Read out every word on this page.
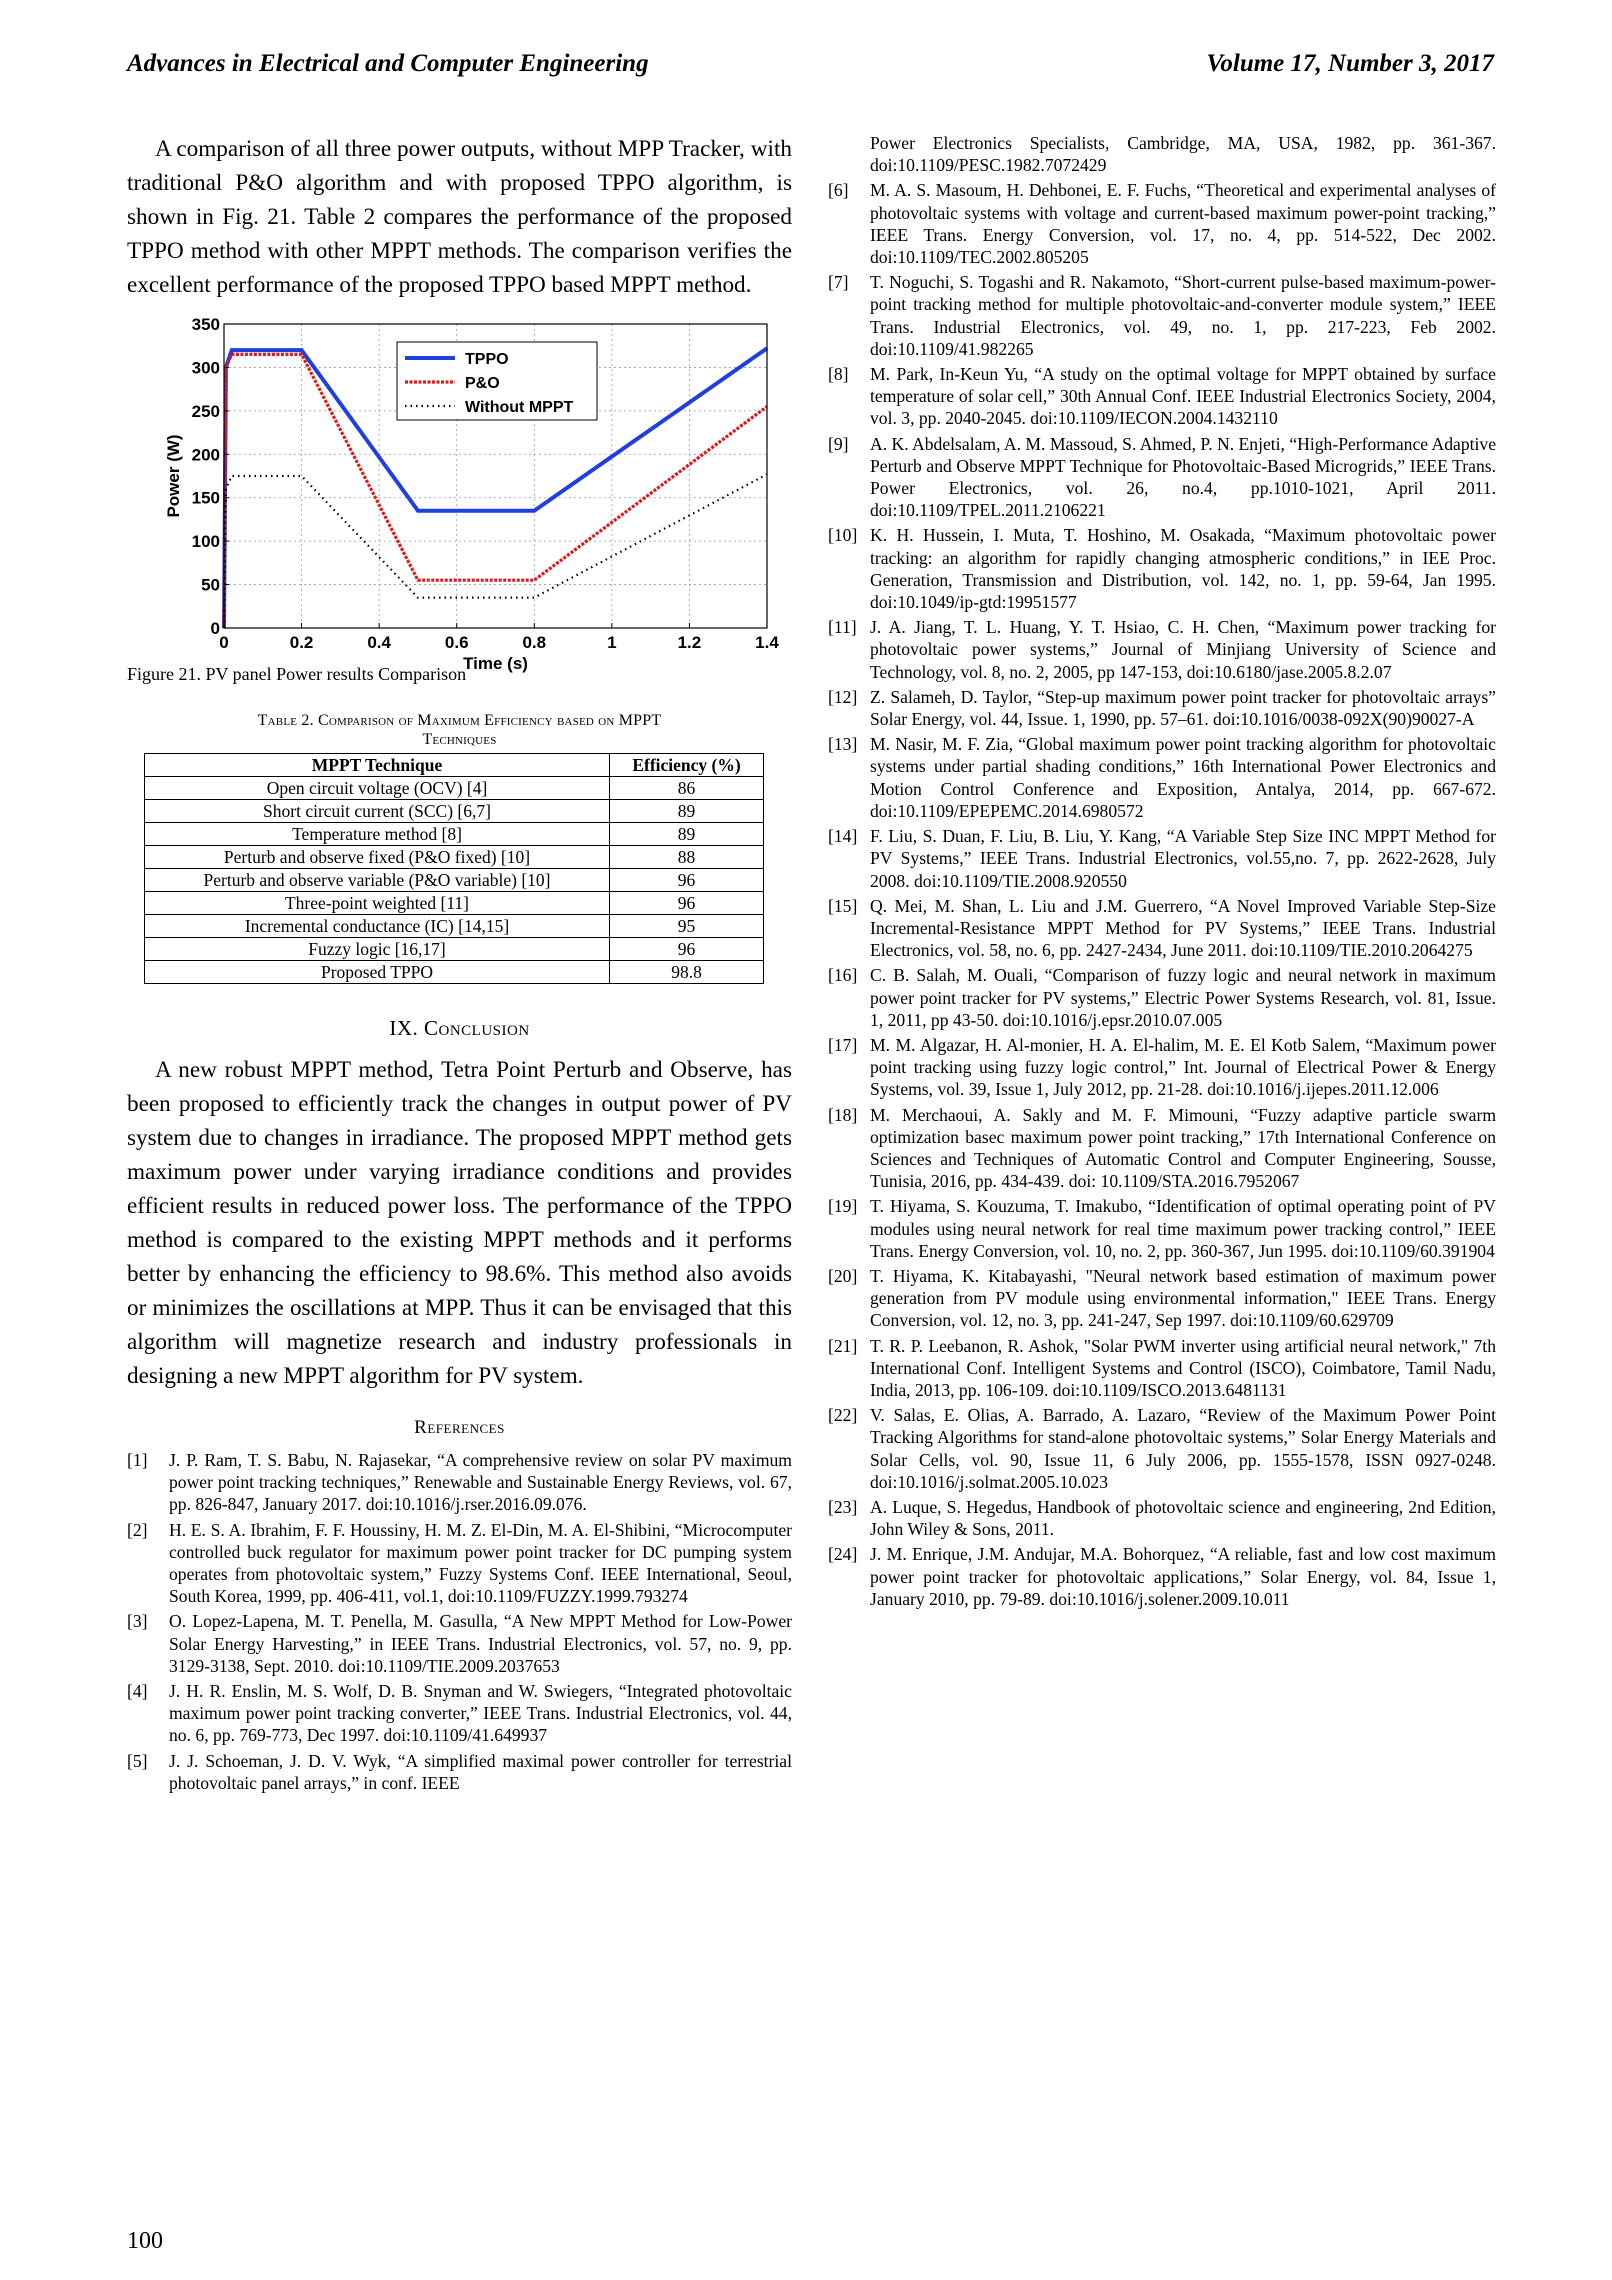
Advances in Electrical and Computer Engineering	Volume 17, Number 3, 2017

A comparison of all three power outputs, without MPP Tracker, with traditional P&O algorithm and with proposed TPPO algorithm, is shown in Fig. 21. Table 2 compares the performance of the proposed TPPO method with other MPPT methods. The comparison verifies the excellent performance of the proposed TPPO based MPPT method.

0	0.2	0.4	0.6	0.8	1	1.2	1.4
0
50
100
150
200
250
300
350
Time (s)
Power (W)
TPPO
P&O
Without MPPT

Figure 21. PV panel Power results Comparison

Table 2. Comparison of Maximum Efficiency based on MPPT
Techniques
MPPT Technique	Efficiency (%)
Open circuit voltage (OCV) [4]	86
Short circuit current (SCC) [6,7]	89
Temperature method [8]	89
Perturb and observe fixed (P&O fixed) [10]	88
Perturb and observe variable (P&O variable) [10]	96
Three-point weighted [11]	96
Incremental conductance (IC) [14,15]	95
Fuzzy logic [16,17]	96
Proposed TPPO	98.8
IX. Conclusion

A new robust MPPT method, Tetra Point Perturb and Observe, has been proposed to efficiently track the changes in output power of PV system due to changes in irradiance. The proposed MPPT method gets maximum power under varying irradiance conditions and provides efficient results in reduced power loss. The performance of the TPPO method is compared to the existing MPPT methods and it performs better by enhancing the efficiency to 98.6%. This method also avoids or minimizes the oscillations at MPP. Thus it can be envisaged that this algorithm will magnetize research and industry professionals in designing a new MPPT algorithm for PV system.

References
[1]	J. P. Ram, T. S. Babu, N. Rajasekar, “A comprehensive review on solar PV maximum power point tracking techniques,” Renewable and Sustainable Energy Reviews, vol. 67, pp. 826-847, January 2017. doi:10.1016/j.rser.2016.09.076.
[2]	H. E. S. A. Ibrahim, F. F. Houssiny, H. M. Z. El-Din, M. A. El-Shibini, “Microcomputer controlled buck regulator for maximum power point tracker for DC pumping system operates from photovoltaic system,” Fuzzy Systems Conf. IEEE International, Seoul, South Korea, 1999, pp. 406-411, vol.1, doi:10.1109/FUZZY.1999.793274
[3]	O. Lopez-Lapena, M. T. Penella, M. Gasulla, “A New MPPT Method for Low-Power Solar Energy Harvesting,” in IEEE Trans. Industrial Electronics, vol. 57, no. 9, pp. 3129-3138, Sept. 2010. doi:10.1109/TIE.2009.2037653
[4]	J. H. R. Enslin, M. S. Wolf, D. B. Snyman and W. Swiegers, “Integrated photovoltaic maximum power point tracking converter,” IEEE Trans. Industrial Electronics, vol. 44, no. 6, pp. 769-773, Dec 1997. doi:10.1109/41.649937
[5]	J. J. Schoeman, J. D. V. Wyk, “A simplified maximal power controller for terrestrial photovoltaic panel arrays,” in conf. IEEE
Power Electronics Specialists, Cambridge, MA, USA, 1982, pp. 361-367. doi:10.1109/PESC.1982.7072429
[6]	M. A. S. Masoum, H. Dehbonei, E. F. Fuchs, “Theoretical and experimental analyses of photovoltaic systems with voltage and current-based maximum power-point tracking,” IEEE Trans. Energy Conversion, vol. 17, no. 4, pp. 514-522, Dec 2002. doi:10.1109/TEC.2002.805205
[7]	T. Noguchi, S. Togashi and R. Nakamoto, “Short-current pulse-based maximum-power-point tracking method for multiple photovoltaic-and-converter module system,” IEEE Trans. Industrial Electronics, vol. 49, no. 1, pp. 217-223, Feb 2002. doi:10.1109/41.982265
[8]	M. Park, In-Keun Yu, “A study on the optimal voltage for MPPT obtained by surface temperature of solar cell,” 30th Annual Conf. IEEE Industrial Electronics Society, 2004, vol. 3, pp. 2040-2045. doi:10.1109/IECON.2004.1432110
[9]	A. K. Abdelsalam, A. M. Massoud, S. Ahmed, P. N. Enjeti, “High-Performance Adaptive Perturb and Observe MPPT Technique for Photovoltaic-Based Microgrids,” IEEE Trans. Power Electronics, vol. 26, no.4, pp.1010-1021, April 2011. doi:10.1109/TPEL.2011.2106221
[10] K. H. Hussein, I. Muta, T. Hoshino, M. Osakada, “Maximum photovoltaic power tracking: an algorithm for rapidly changing atmospheric conditions,” in IEE Proc. Generation, Transmission and Distribution, vol. 142, no. 1, pp. 59-64, Jan 1995. doi:10.1049/ip-gtd:19951577
[11] J. A. Jiang, T. L. Huang, Y. T. Hsiao, C. H. Chen, “Maximum power tracking for photovoltaic power systems,” Journal of Minjiang University of Science and Technology, vol. 8, no. 2, 2005, pp 147-153, doi:10.6180/jase.2005.8.2.07
[12] Z. Salameh, D. Taylor, “Step-up maximum power point tracker for photovoltaic arrays” Solar Energy, vol. 44, Issue. 1, 1990, pp. 57–61. doi:10.1016/0038-092X(90)90027-A
[13] M. Nasir, M. F. Zia, “Global maximum power point tracking algorithm for photovoltaic systems under partial shading conditions,” 16th International Power Electronics and Motion Control Conference and Exposition, Antalya, 2014, pp. 667-672. doi:10.1109/EPEPEMC.2014.6980572
[14] F. Liu, S. Duan, F. Liu, B. Liu, Y. Kang, “A Variable Step Size INC MPPT Method for PV Systems,” IEEE Trans. Industrial Electronics, vol.55,no. 7, pp. 2622-2628, July 2008. doi:10.1109/TIE.2008.920550
[15] Q. Mei, M. Shan, L. Liu and J.M. Guerrero, “A Novel Improved Variable Step-Size Incremental-Resistance MPPT Method for PV Systems,” IEEE Trans. Industrial Electronics, vol. 58, no. 6, pp. 2427-2434, June 2011. doi:10.1109/TIE.2010.2064275
[16] C. B. Salah, M. Ouali, “Comparison of fuzzy logic and neural network in maximum power point tracker for PV systems,” Electric Power Systems Research, vol. 81, Issue. 1, 2011, pp 43-50. doi:10.1016/j.epsr.2010.07.005
[17] M. M. Algazar, H. Al-monier, H. A. El-halim, M. E. El Kotb Salem, “Maximum power point tracking using fuzzy logic control,” Int. Journal of Electrical Power & Energy Systems, vol. 39, Issue 1, July 2012, pp. 21-28. doi:10.1016/j.ijepes.2011.12.006
[18] M. Merchaoui, A. Sakly and M. F. Mimouni, “Fuzzy adaptive particle swarm optimization basec maximum power point tracking,” 17th International Conference on Sciences and Techniques of Automatic Control and Computer Engineering, Sousse, Tunisia, 2016, pp. 434-439. doi: 10.1109/STA.2016.7952067
[19] T. Hiyama, S. Kouzuma, T. Imakubo, “Identification of optimal operating point of PV modules using neural network for real time maximum power tracking control,” IEEE Trans. Energy Conversion, vol. 10, no. 2, pp. 360-367, Jun 1995. doi:10.1109/60.391904
[20] T. Hiyama, K. Kitabayashi, "Neural network based estimation of maximum power generation from PV module using environmental information," IEEE Trans. Energy Conversion, vol. 12, no. 3, pp. 241-247, Sep 1997. doi:10.1109/60.629709
[21] T. R. P. Leebanon, R. Ashok, "Solar PWM inverter using artificial neural network," 7th International Conf. Intelligent Systems and Control (ISCO), Coimbatore, Tamil Nadu, India, 2013, pp. 106-109. doi:10.1109/ISCO.2013.6481131
[22] V. Salas, E. Olias, A. Barrado, A. Lazaro, “Review of the Maximum Power Point Tracking Algorithms for stand-alone photovoltaic systems,” Solar Energy Materials and Solar Cells, vol. 90, Issue 11, 6 July 2006, pp. 1555-1578, ISSN 0927-0248. doi:10.1016/j.solmat.2005.10.023
[23] A. Luque, S. Hegedus, Handbook of photovoltaic science and engineering, 2nd Edition, John Wiley & Sons, 2011.
[24] J. M. Enrique, J.M. Andujar, M.A. Bohorquez, “A reliable, fast and low cost maximum power point tracker for photovoltaic applications,” Solar Energy, vol. 84, Issue 1, January 2010, pp. 79-89. doi:10.1016/j.solener.2009.10.011
100
